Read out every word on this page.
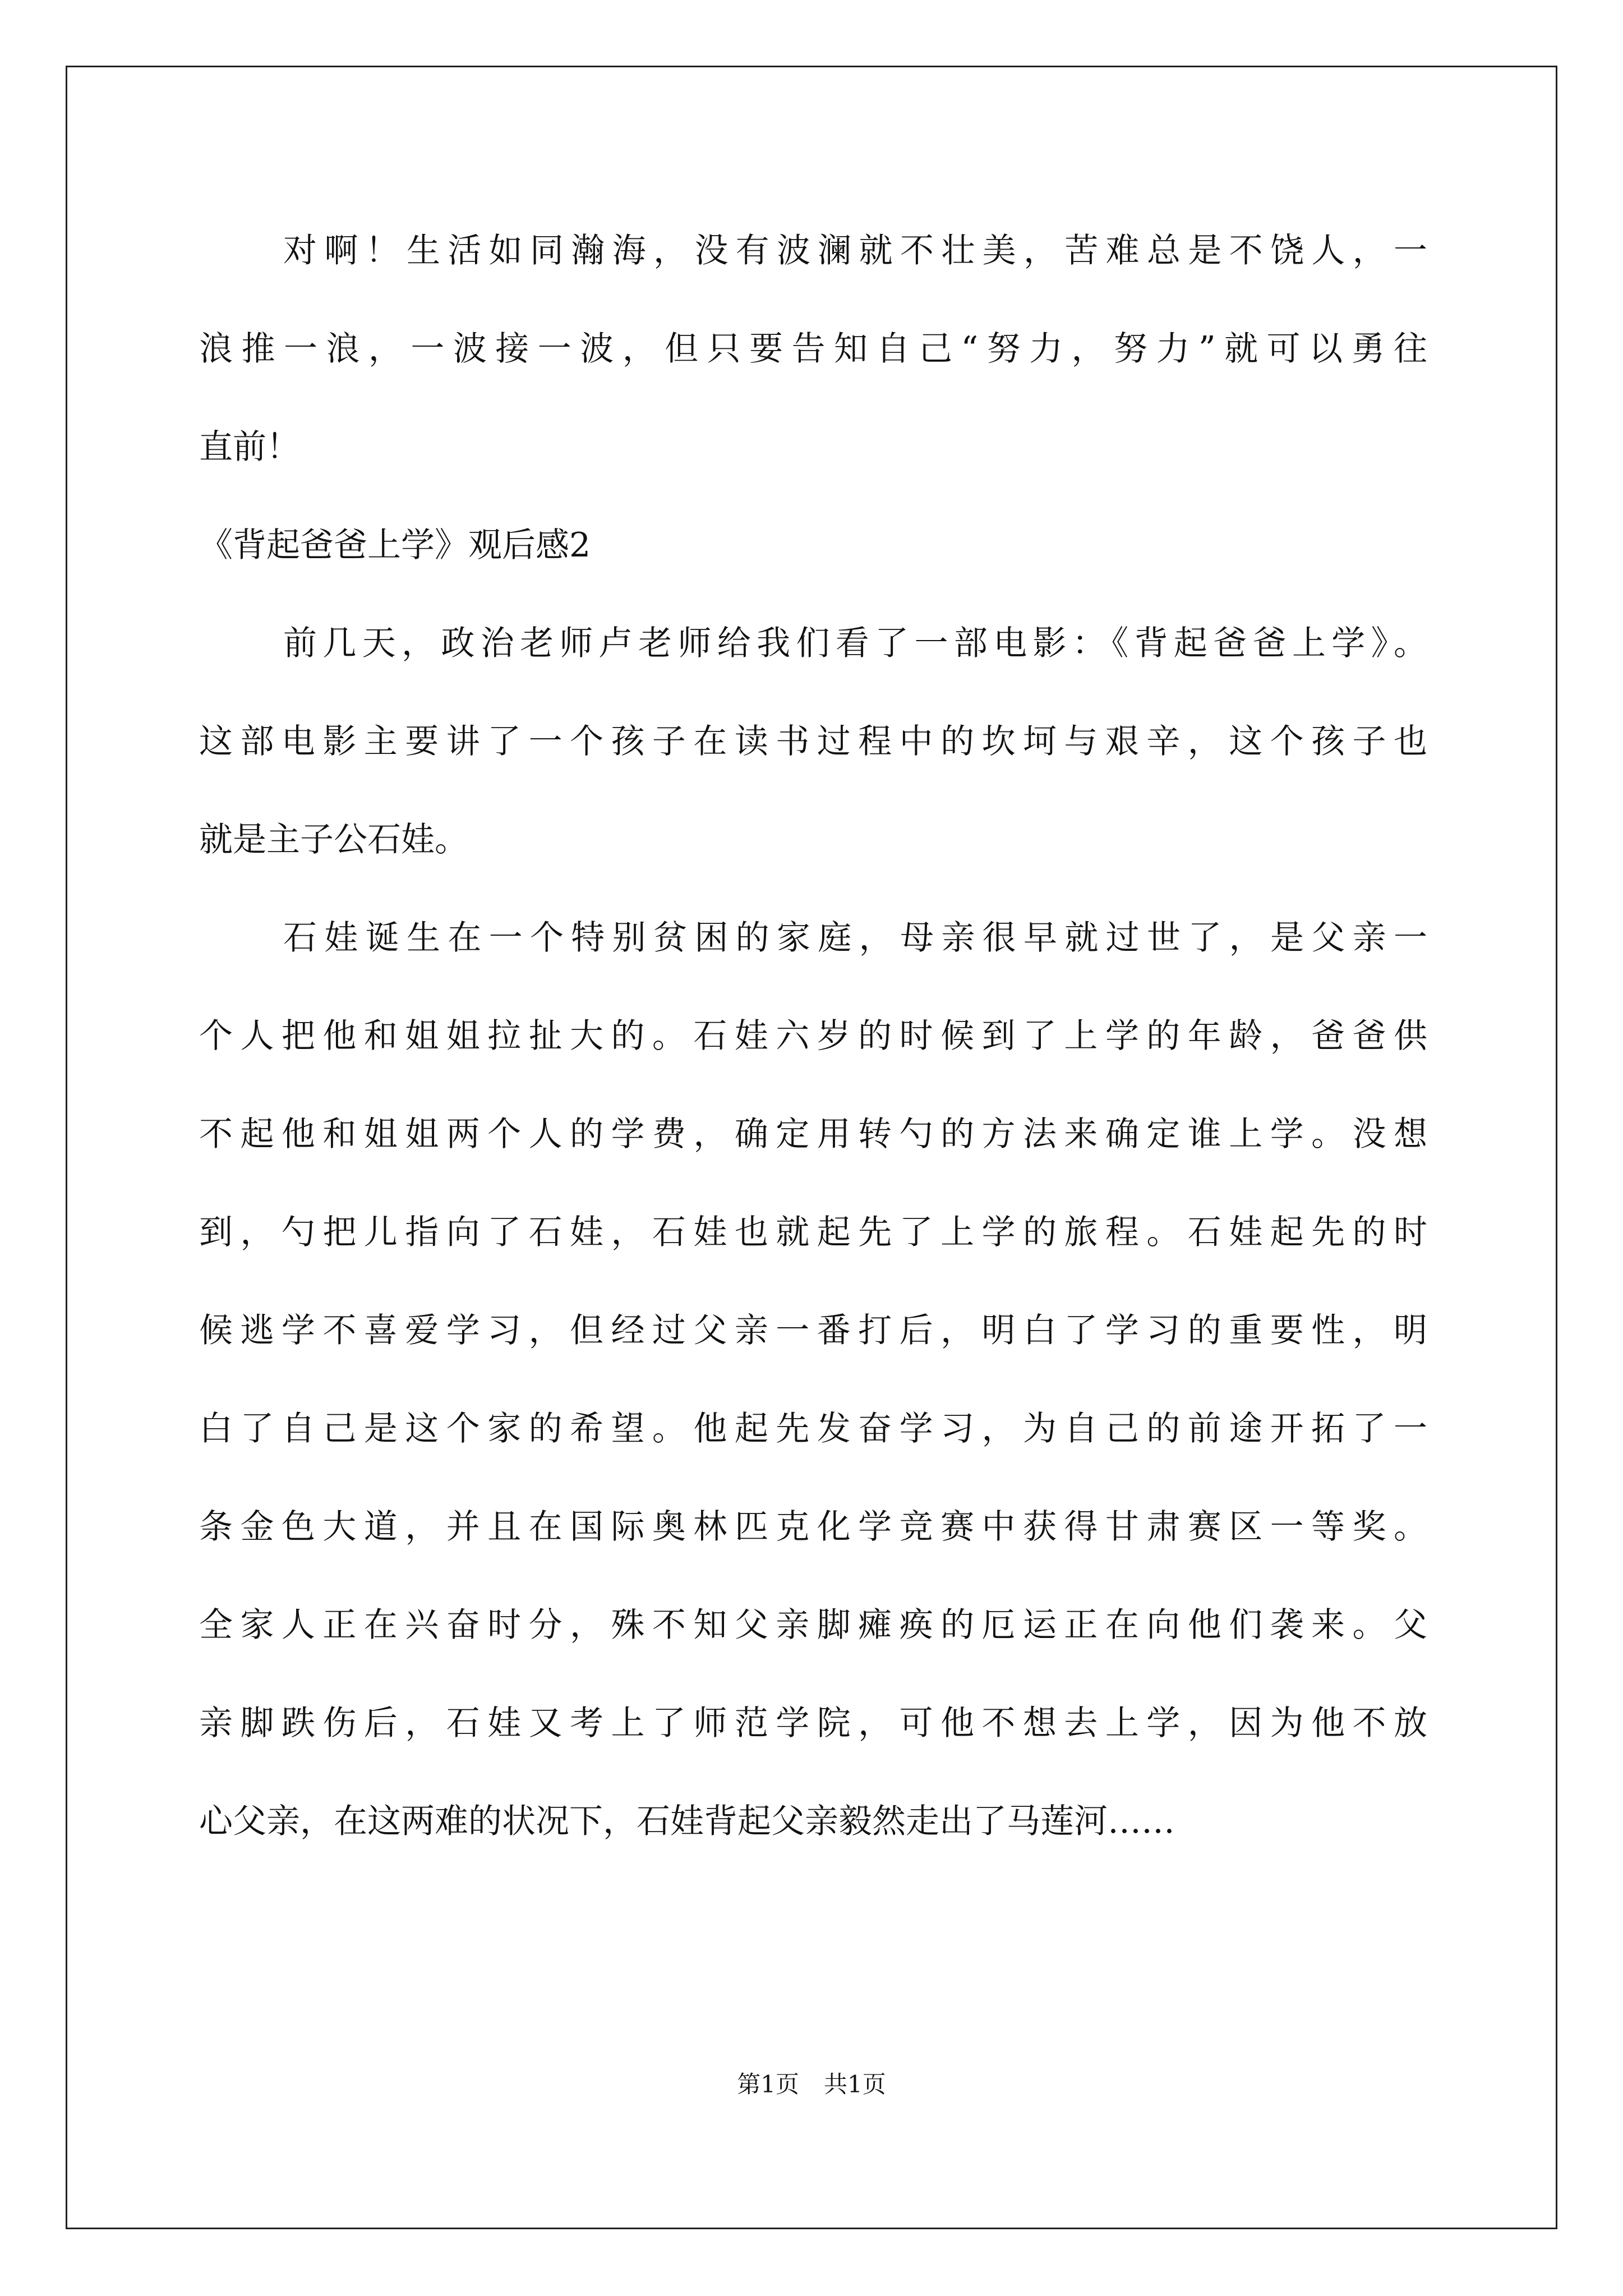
对啊！生活如同瀚海，没有波澜就不壮美，苦难总是不饶人，一
浪推一浪，一波接一波，但只要告知自己“努力，努力”就可以勇往
直前！
《背起爸爸上学》观后感2
前几天，政治老师卢老师给我们看了一部电影：《背起爸爸上学》。
这部电影主要讲了一个孩子在读书过程中的坎坷与艰辛，这个孩子也
就是主子公石娃。
石娃诞生在一个特别贫困的家庭，母亲很早就过世了，是父亲一
个人把他和姐姐拉扯大的。石娃六岁的时候到了上学的年龄，爸爸供
不起他和姐姐两个人的学费，确定用转勺的方法来确定谁上学。没想
到，勺把儿指向了石娃，石娃也就起先了上学的旅程。石娃起先的时
候逃学不喜爱学习，但经过父亲一番打后，明白了学习的重要性，明
白了自己是这个家的希望。他起先发奋学习，为自己的前途开拓了一
条金色大道，并且在国际奥林匹克化学竞赛中获得甘肃赛区一等奖。
全家人正在兴奋时分，殊不知父亲脚瘫痪的厄运正在向他们袭来。父
亲脚跌伤后，石娃又考上了师范学院，可他不想去上学，因为他不放
心父亲，在这两难的状况下，石娃背起父亲毅然走出了马莲河……
第1页 共1页
